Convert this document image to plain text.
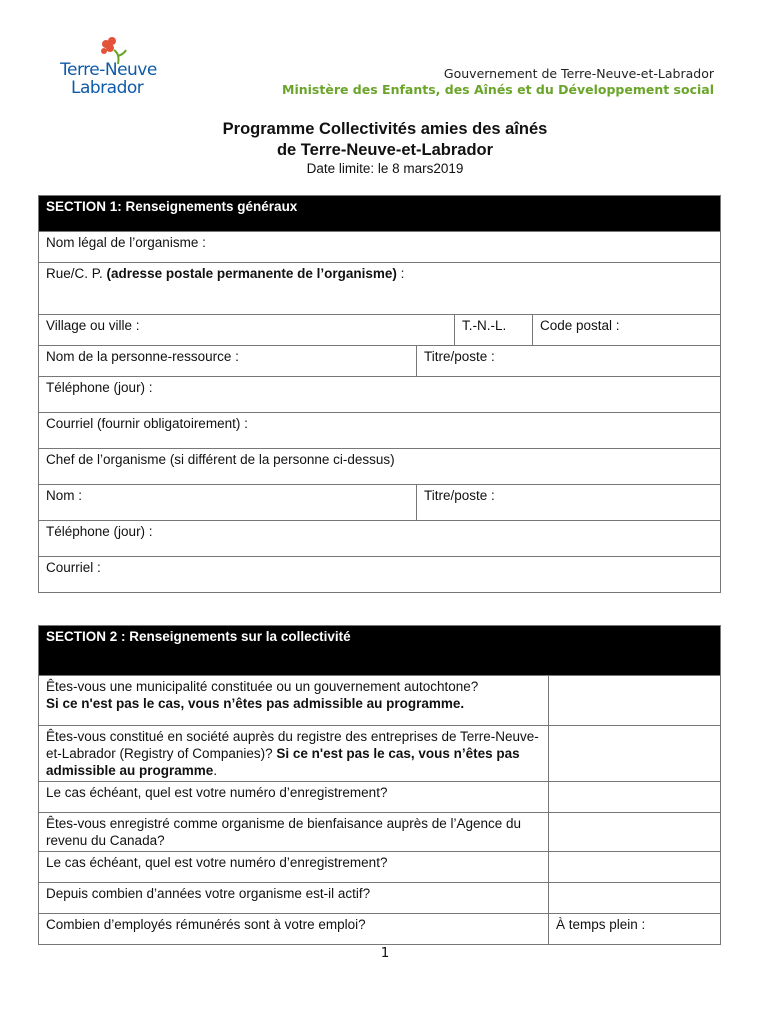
Terre-Neuve
Labrador
Gouvernement de Terre-Neuve-et-Labrador
Ministère des Enfants, des Aînés et du Développement social
Programme Collectivités amies des aînés
de Terre-Neuve-et-Labrador
Date limite: le 8 mars2019
SECTION 1: Renseignements généraux			
Nom légal de l’organisme :			
Rue/C. P. (adresse postale permanente de l’organisme) :			
Village ou ville :		T.-N.-L.	Code postal :
Nom de la personne-ressource :	Titre/poste :		
Téléphone (jour) :			
Courriel (fournir obligatoirement) :			
Chef de l’organisme (si différent de la personne ci-dessus)			
Nom :	Titre/poste :		
Téléphone (jour) :			
Courriel :			
SECTION 2 : Renseignements sur la collectivité	
Êtes-vous une municipalité constituée ou un gouvernement autochtone?
Si ce n'est pas le cas, vous n’êtes pas admissible au programme.	
Êtes-vous constitué en société auprès du registre des entreprises de Terre-Neuve-et-Labrador (Registry of Companies)? Si ce n'est pas le cas, vous n’êtes pas admissible au programme.	
Le cas échéant, quel est votre numéro d’enregistrement?	
Êtes-vous enregistré comme organisme de bienfaisance auprès de l’Agence du revenu du Canada?	
Le cas échéant, quel est votre numéro d’enregistrement?	
Depuis combien d’années votre organisme est-il actif?	
Combien d’employés rémunérés sont à votre emploi?	À temps plein :
1
